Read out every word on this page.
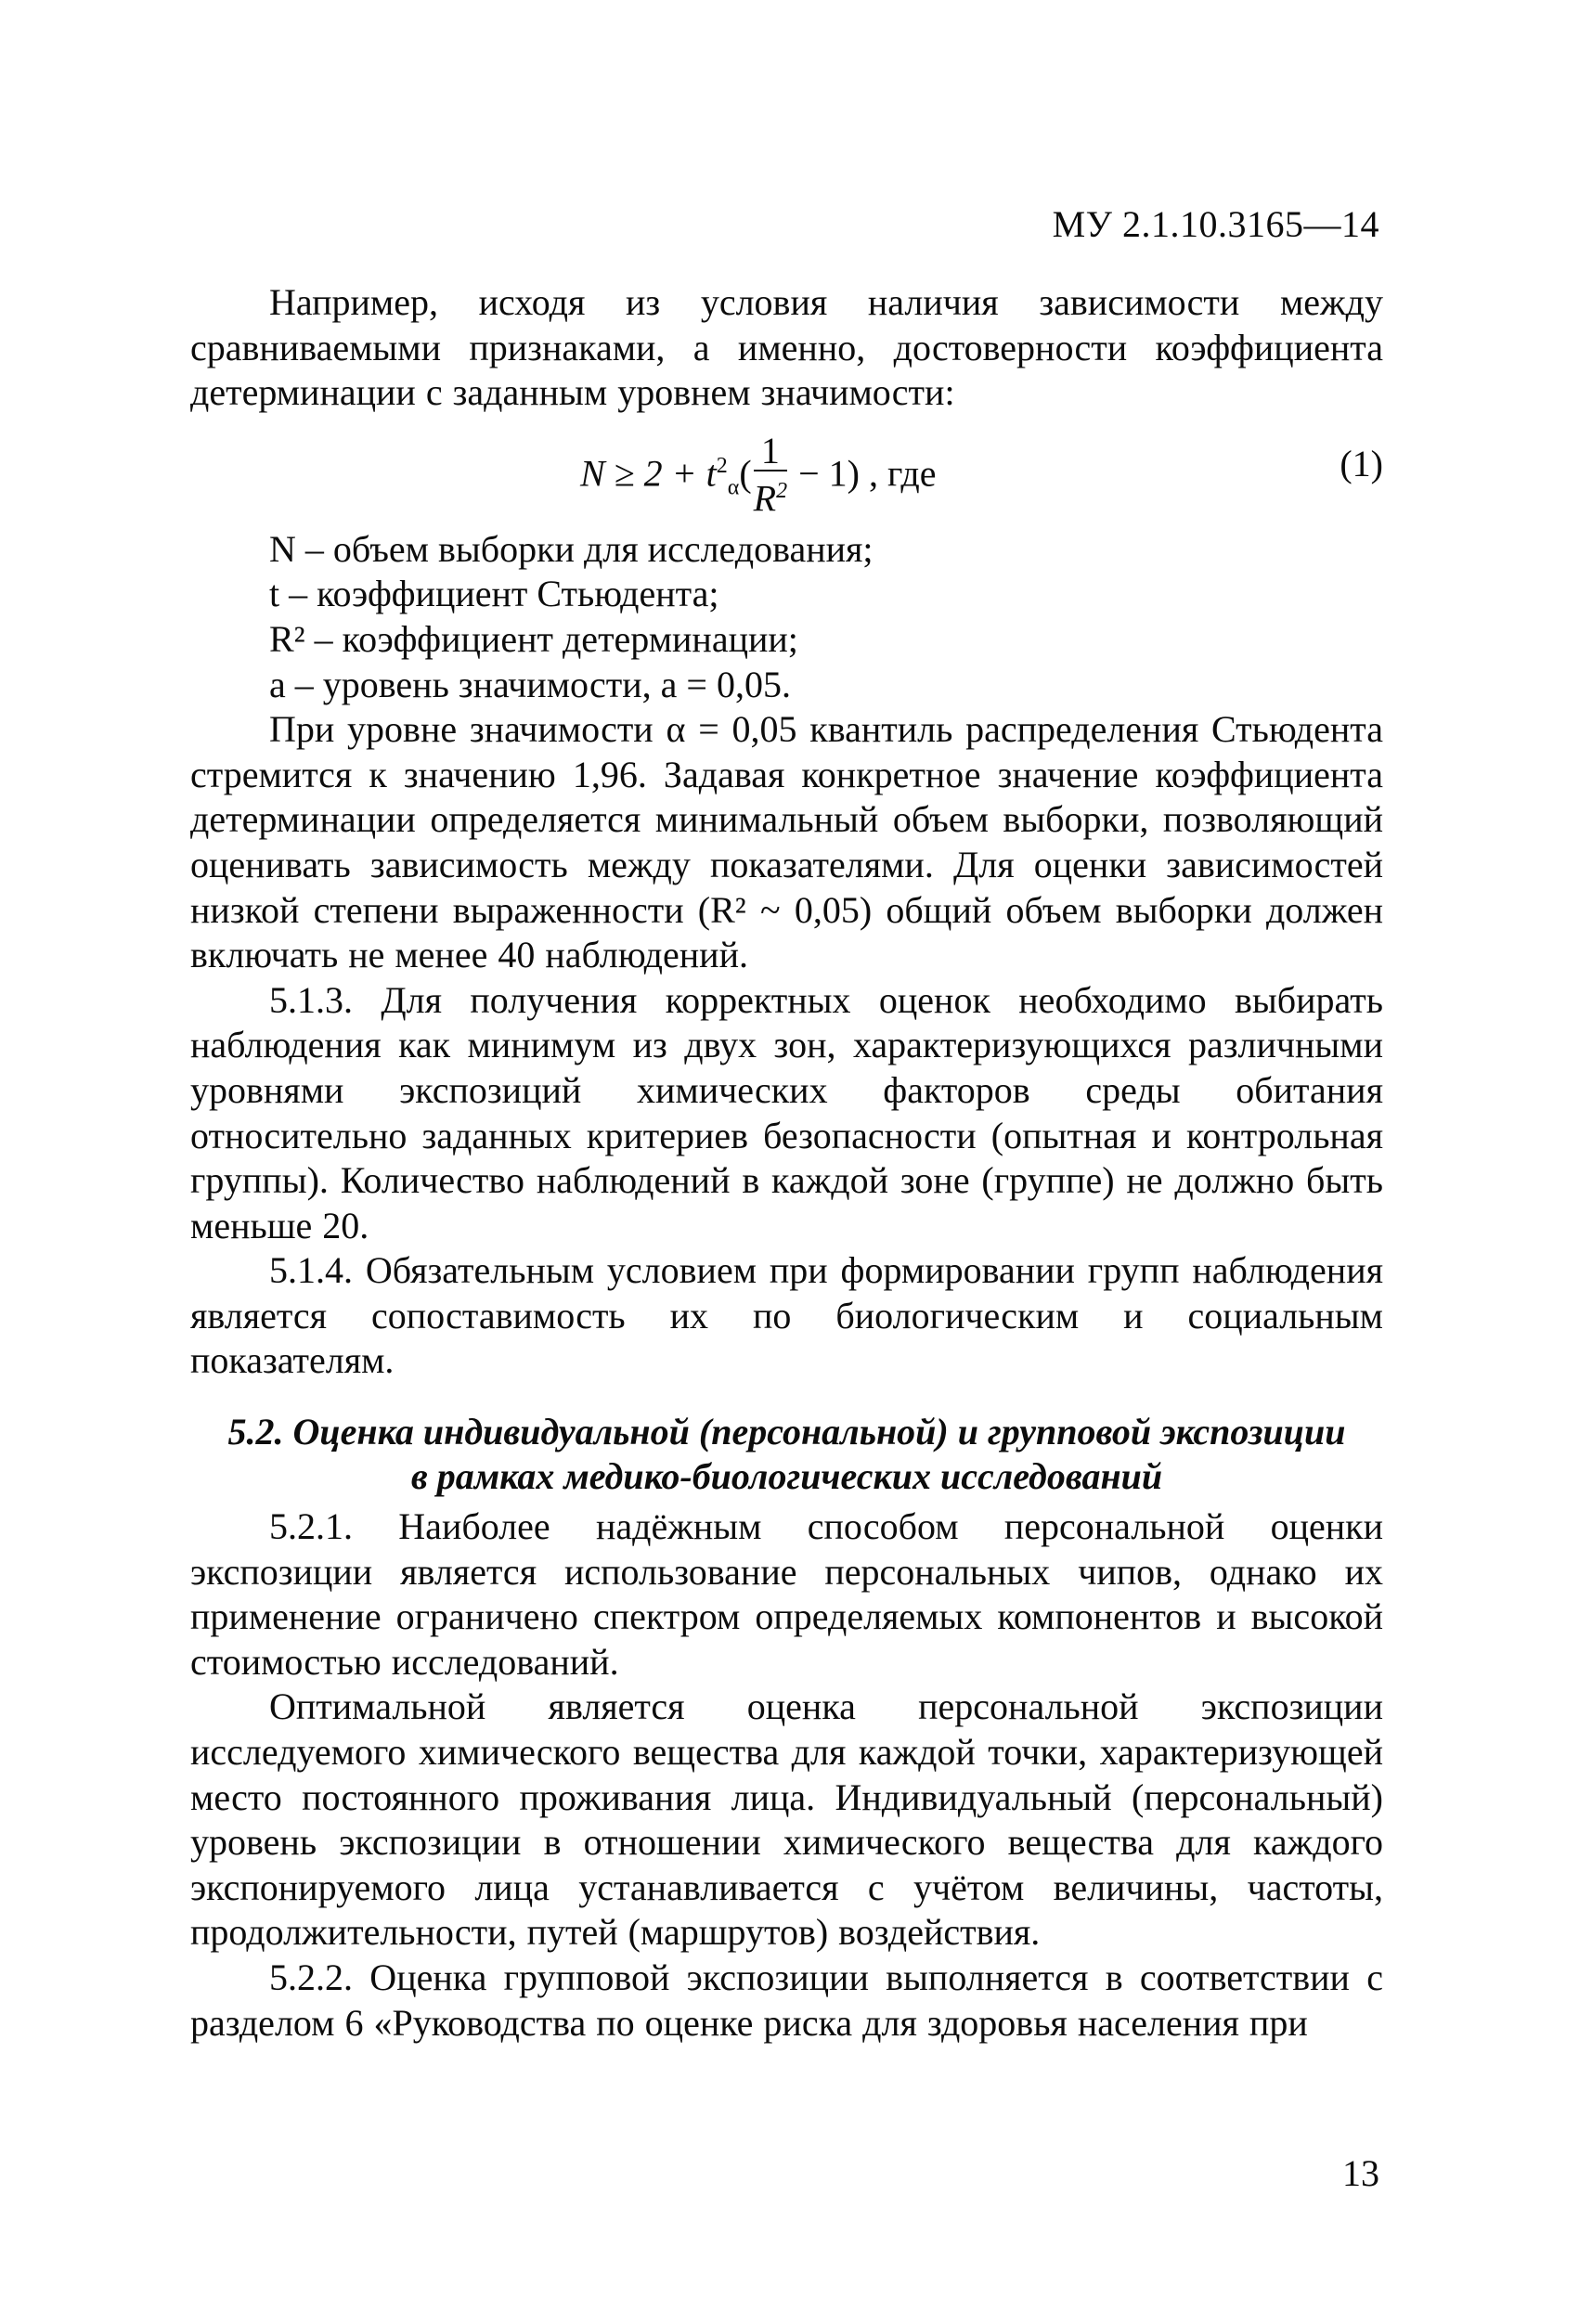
МУ 2.1.10.3165—14

Например, исходя из условия наличия зависимости между сравниваемыми признаками, а именно, достоверности коэффициента детерминации с заданным уровнем значимости:

$N \ge 2 + t^2_\alpha( \frac{1}{R^2} - 1)$ , где	(1)

N – объем выборки для исследования;

t – коэффициент Стьюдента;

R² – коэффициент детерминации;

a – уровень значимости, a = 0,05.

При уровне значимости α = 0,05 квантиль распределения Стьюдента стремится к значению 1,96. Задавая конкретное значение коэффициента детерминации определяется минимальный объем выборки, позволяющий оценивать зависимость между показателями. Для оценки зависимостей низкой степени выраженности (R² ~ 0,05) общий объем выборки должен включать не менее 40 наблюдений.

5.1.3. Для получения корректных оценок необходимо выбирать наблюдения как минимум из двух зон, характеризующихся различными уровнями экспозиций химических факторов среды обитания относительно заданных критериев безопасности (опытная и контрольная группы). Количество наблюдений в каждой зоне (группе) не должно быть меньше 20.

5.1.4. Обязательным условием при формировании групп наблюдения является сопоставимость их по биологическим и социальным показателям.

5.2. Оценка индивидуальной (персональной) и групповой экспозиции
в рамках медико-биологических исследований

5.2.1. Наиболее надёжным способом персональной оценки экспозиции является использование персональных чипов, однако их применение ограничено спектром определяемых компонентов и высокой стоимостью исследований.

Оптимальной является оценка персональной экспозиции исследуемого химического вещества для каждой точки, характеризующей место постоянного проживания лица. Индивидуальный (персональный) уровень экспозиции в отношении химического вещества для каждого экспонируемого лица устанавливается с учётом величины, частоты, продолжительности, путей (маршрутов) воздействия.

5.2.2. Оценка групповой экспозиции выполняется в соответствии с разделом 6 «Руководства по оценке риска для здоровья населения при

13
